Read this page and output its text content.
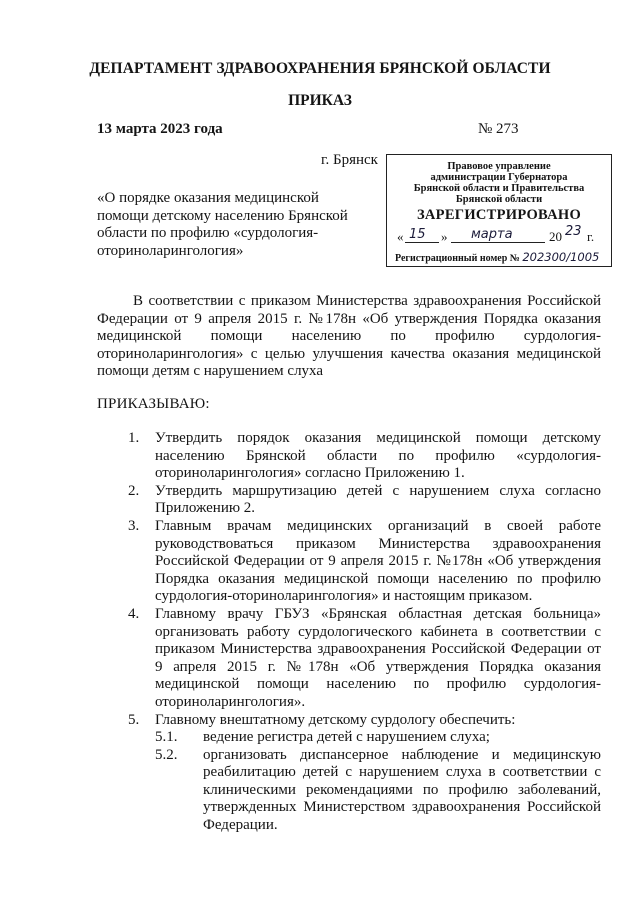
ДЕПАРТАМЕНТ ЗДРАВООХРАНЕНИЯ БРЯНСКОЙ ОБЛАСТИ
ПРИКАЗ
13 марта 2023 года	№ 273
г. Брянск
«О порядке оказания медицинской помощи детскому населению Брянской области по профилю «сурдология-оториноларингология»
Правовое управление
администрации Губернатора
Брянской области и Правительства
Брянской области
ЗАРЕГИСТРИРОВАНО
« 15 » марта	20 23 г.
Регистрационный номер № 202300/1005
В соответствии с приказом Министерства здравоохранения Российской Федерации от 9 апреля 2015 г. №178н «Об утверждения Порядка оказания медицинской помощи населению по профилю сурдология-оториноларингология» с целью улучшения качества оказания медицинской помощи детям с нарушением слуха
ПРИКАЗЫВАЮ:
1. Утвердить порядок оказания медицинской помощи детскому населению Брянской области по профилю «сурдология-оториноларингология» согласно Приложению 1.
2. Утвердить маршрутизацию детей с нарушением слуха согласно Приложению 2.
3. Главным врачам медицинских организаций в своей работе руководствоваться приказом Министерства здравоохранения Российской Федерации от 9 апреля 2015 г. №178н «Об утверждения Порядка оказания медицинской помощи населению по профилю сурдология-оториноларингология» и настоящим приказом.
4. Главному врачу ГБУЗ «Брянская областная детская больница» организовать работу сурдологического кабинета в соответствии с приказом Министерства здравоохранения Российской Федерации от 9 апреля 2015 г. №178н «Об утверждения Порядка оказания медицинской помощи населению по профилю сурдология-оториноларингология».
5. Главному внештатному детскому сурдологу обеспечить:
5.1. ведение регистра детей с нарушением слуха;
5.2. организовать диспансерное наблюдение и медицинскую реабилитацию детей с нарушением слуха в соответствии с клиническими рекомендациями по профилю заболеваний, утвержденных Министерством здравоохранения Российской Федерации.
